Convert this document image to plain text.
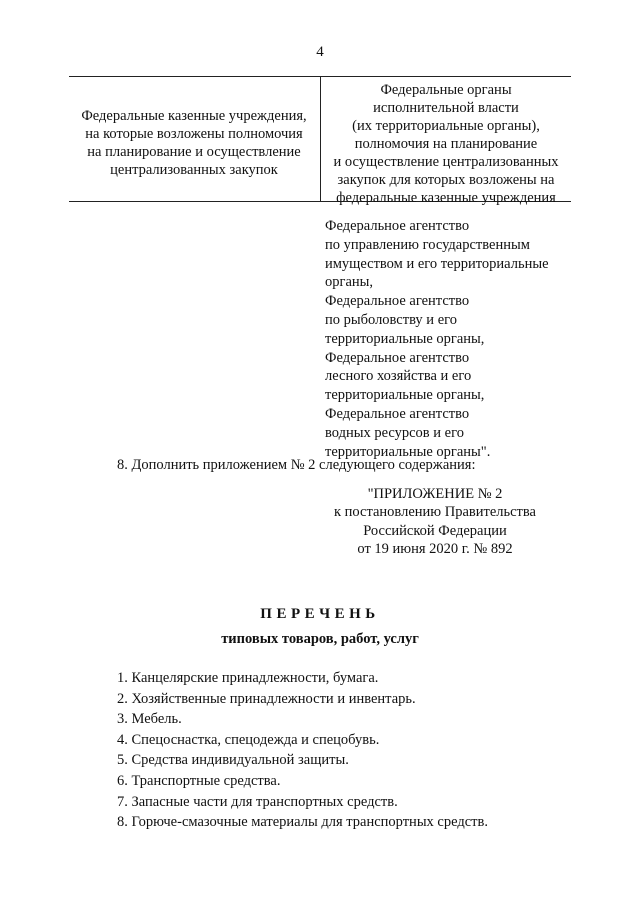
4
Федеральные казенные учреждения,
на которые возложены полномочия
на планирование и осуществление
централизованных закупок
Федеральные органы
исполнительной власти
(их территориальные органы),
полномочия на планирование
и осуществление централизованных
закупок для которых возложены на
федеральные казенные учреждения
Федеральное агентство
по управлению государственным
имуществом и его территориальные
органы,
Федеральное агентство
по рыболовству и его
территориальные органы,
Федеральное агентство
лесного хозяйства и его
территориальные органы,
Федеральное агентство
водных ресурсов и его
территориальные органы".
8. Дополнить приложением № 2 следующего содержания:
"ПРИЛОЖЕНИЕ № 2
к постановлению Правительства
Российской Федерации
от 19 июня 2020 г. № 892
ПЕРЕЧЕНЬ
типовых товаров, работ, услуг
1. Канцелярские принадлежности, бумага.
2. Хозяйственные принадлежности и инвентарь.
3. Мебель.
4. Спецоснастка, спецодежда и спецобувь.
5. Средства индивидуальной защиты.
6. Транспортные средства.
7. Запасные части для транспортных средств.
8. Горюче-смазочные материалы для транспортных средств.
